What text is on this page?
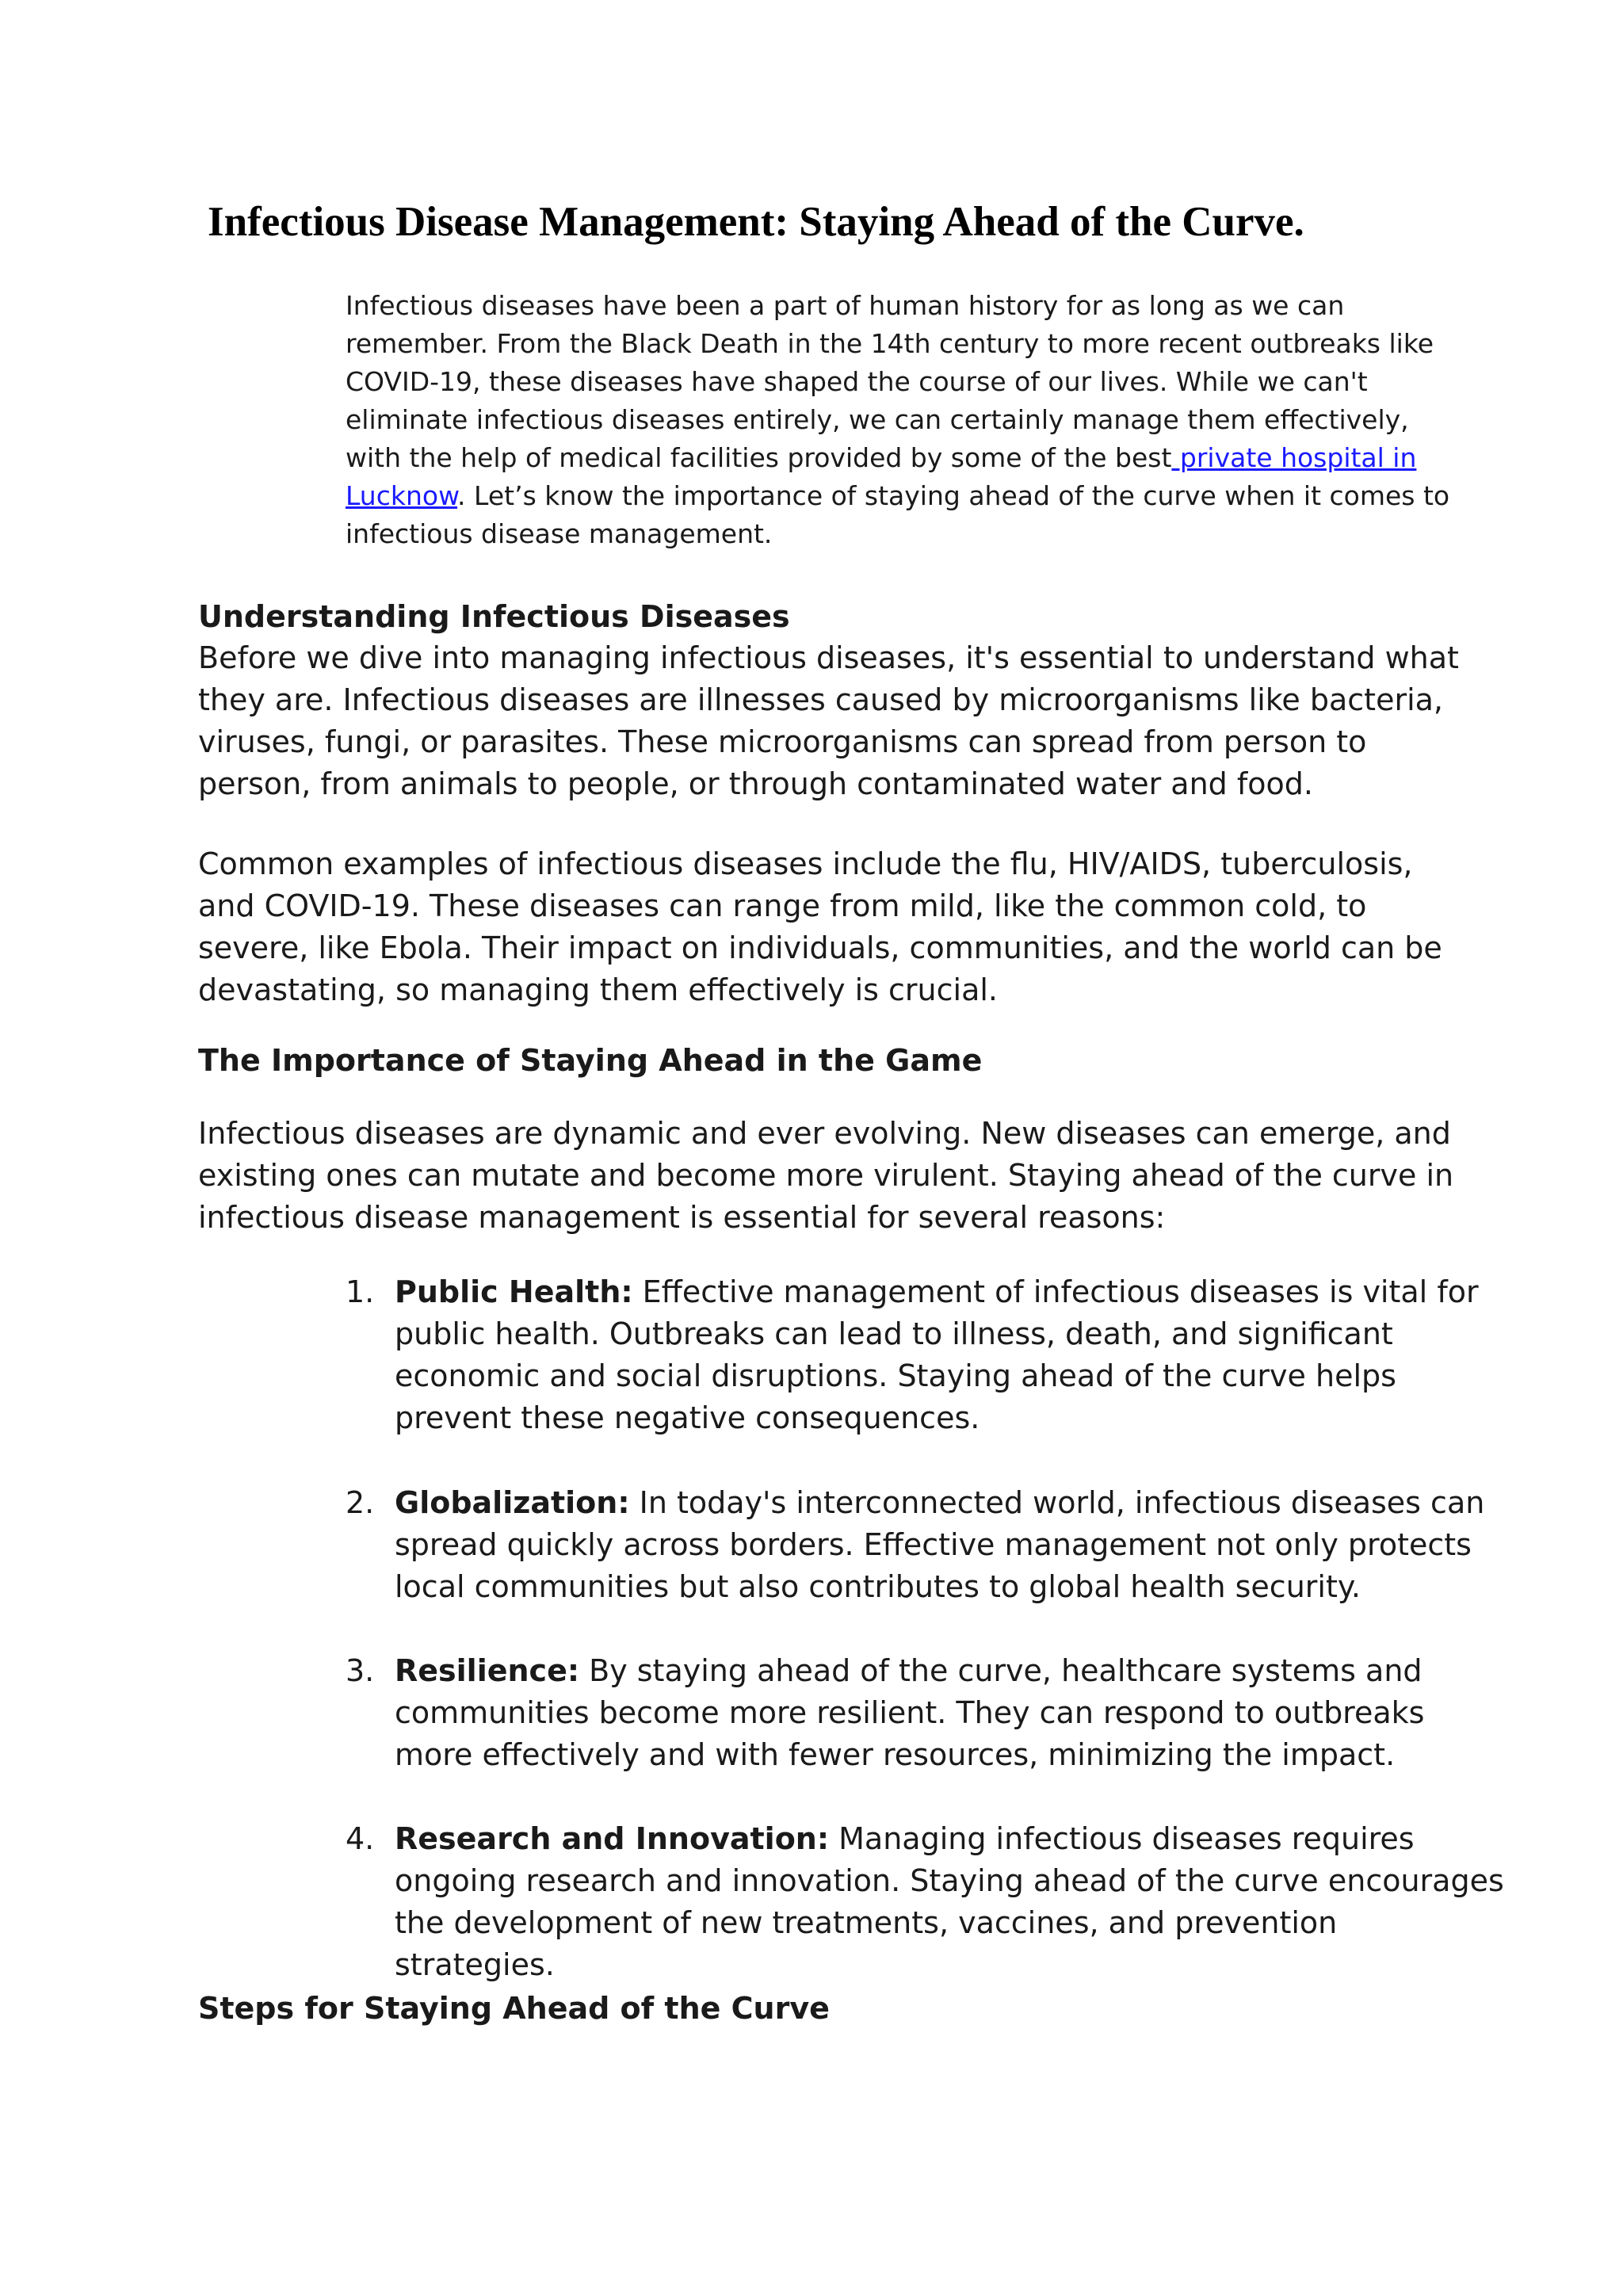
Infectious Disease Management: Staying Ahead of the Curve.

Infectious diseases have been a part of human history for as long as we can remember. From the Black Death in the 14th century to more recent outbreaks like COVID-19, these diseases have shaped the course of our lives. While we can't eliminate infectious diseases entirely, we can certainly manage them effectively, with the help of medical facilities provided by some of the best private hospital in Lucknow. Let’s know the importance of staying ahead of the curve when it comes to infectious disease management.

Understanding Infectious Diseases

Before we dive into managing infectious diseases, it's essential to understand what they are. Infectious diseases are illnesses caused by microorganisms like bacteria, viruses, fungi, or parasites. These microorganisms can spread from person to person, from animals to people, or through contaminated water and food.

Common examples of infectious diseases include the flu, HIV/AIDS, tuberculosis, and COVID-19. These diseases can range from mild, like the common cold, to severe, like Ebola. Their impact on individuals, communities, and the world can be devastating, so managing them effectively is crucial.

The Importance of Staying Ahead in the Game

Infectious diseases are dynamic and ever evolving. New diseases can emerge, and existing ones can mutate and become more virulent. Staying ahead of the curve in infectious disease management is essential for several reasons:

1. Public Health: Effective management of infectious diseases is vital for public health. Outbreaks can lead to illness, death, and significant economic and social disruptions. Staying ahead of the curve helps prevent these negative consequences.
2. Globalization: In today's interconnected world, infectious diseases can spread quickly across borders. Effective management not only protects local communities but also contributes to global health security.
3. Resilience: By staying ahead of the curve, healthcare systems and communities become more resilient. They can respond to outbreaks more effectively and with fewer resources, minimizing the impact.
4. Research and Innovation: Managing infectious diseases requires ongoing research and innovation. Staying ahead of the curve encourages the development of new treatments, vaccines, and prevention strategies.
Steps for Staying Ahead of the Curve
